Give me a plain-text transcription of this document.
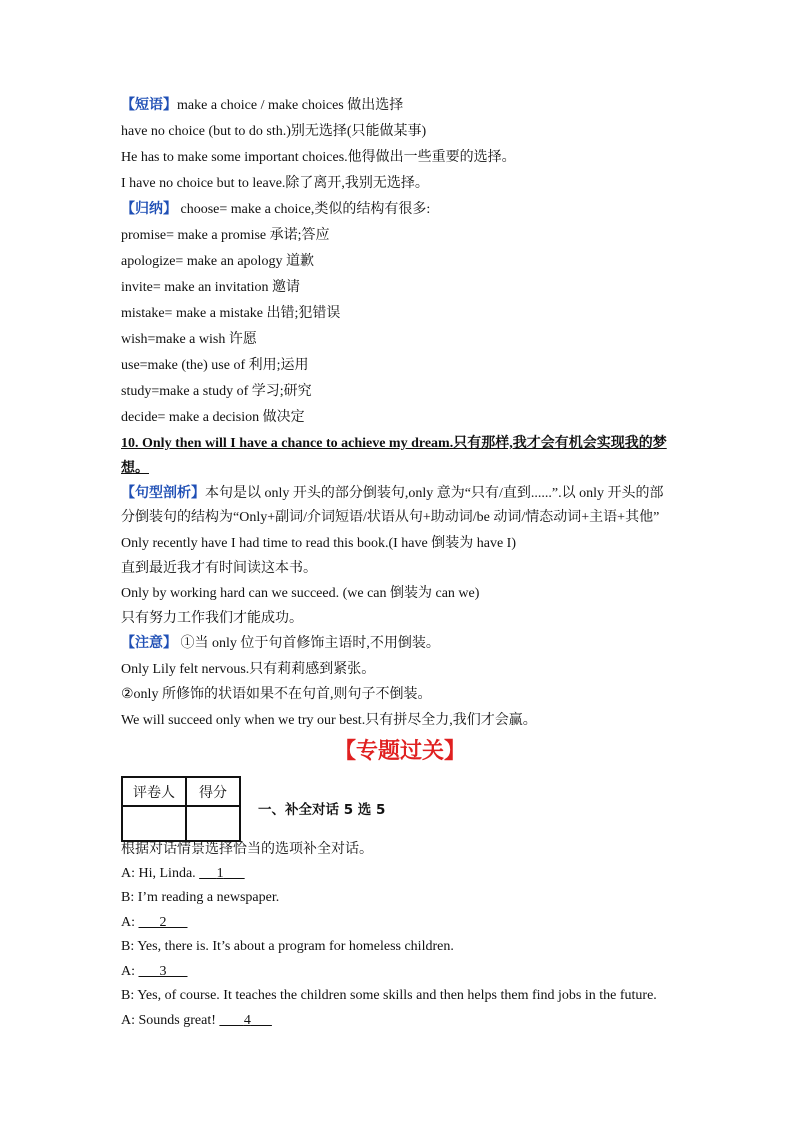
【短语】make a choice / make choices 做出选择
have no choice (but to do sth.)别无选择(只能做某事)
He has to make some important choices.他得做出一些重要的选择。
I have no choice but to leave.除了离开,我别无选择。
【归纳】 choose= make a choice,类似的结构有很多:
promise= make a promise 承诺;答应
apologize= make an apology 道歉
invite= make an invitation 邀请
mistake= make a mistake 出错;犯错误
wish=make a wish 许愿
use=make (the) use of 利用;运用
study=make a study of 学习;研究
decide= make a decision 做决定
10. Only then will I have a chance to achieve my dream.只有那样,我才会有机会实现我的梦
想。
【句型剖析】本句是以 only 开头的部分倒装句,only 意为“只有/直到......”.以 only 开头的部
分倒装句的结构为“Only+副词/介词短语/状语从句+助动词/be 动词/情态动词+主语+其他”
Only recently have I had time to read this book.(I have 倒装为 have I)
直到最近我才有时间读这本书。
Only by working hard can we succeed. (we can 倒装为 can we)
只有努力工作我们才能成功。
【注意】 ①当 only 位于句首修饰主语时,不用倒装。
Only Lily felt nervous.只有莉莉感到紧张。
②only 所修饰的状语如果不在句首,则句子不倒装。
We will succeed only when we try our best.只有拼尽全力,我们才会赢。
【专题过关】
评卷人	得分

一、补全对话 5 选 5
根据对话情景选择恰当的选项补全对话。
A: Hi, Linda.      1
B: I’m reading a newspaper.
A:       2
B: Yes, there is. It’s about a program for homeless children.
A:       3
B: Yes, of course. It teaches the children some skills and then helps them find jobs in the future.
A: Sounds great!        4
